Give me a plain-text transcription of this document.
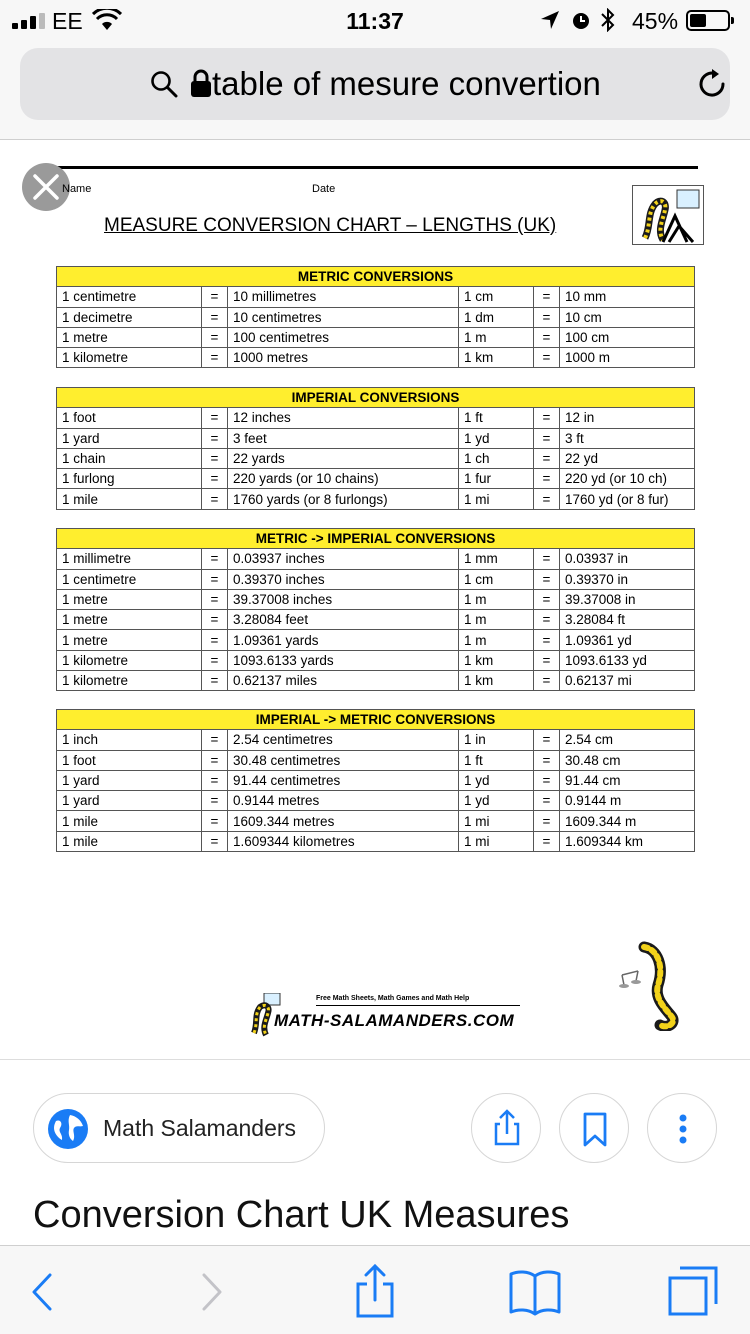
EE	11:37	45%
table of mesure convertion
Name	Date
MEASURE CONVERSION CHART – LENGTHS (UK)
METRIC CONVERSIONS					
1 centimetre	=	10 millimetres	1 cm	=	10 mm
1 decimetre	=	10 centimetres	1 dm	=	10 cm
1 metre	=	100 centimetres	1 m	=	100 cm
1 kilometre	=	1000 metres	1 km	=	1000 m
IMPERIAL CONVERSIONS					
1 foot	=	12 inches	1 ft	=	12 in
1 yard	=	3 feet	1 yd	=	3 ft
1 chain	=	22 yards	1 ch	=	22 yd
1 furlong	=	220 yards (or 10 chains)	1 fur	=	220 yd (or 10 ch)
1 mile	=	1760 yards (or 8 furlongs)	1 mi	=	1760 yd (or 8 fur)
METRIC -> IMPERIAL CONVERSIONS					
1 millimetre	=	0.03937 inches	1 mm	=	0.03937 in
1 centimetre	=	0.39370 inches	1 cm	=	0.39370 in
1 metre	=	39.37008 inches	1 m	=	39.37008 in
1 metre	=	3.28084 feet	1 m	=	3.28084 ft
1 metre	=	1.09361 yards	1 m	=	1.09361 yd
1 kilometre	=	1093.6133 yards	1 km	=	1093.6133 yd
1 kilometre	=	0.62137 miles	1 km	=	0.62137 mi
IMPERIAL -> METRIC CONVERSIONS					
1 inch	=	2.54 centimetres	1 in	=	2.54 cm
1 foot	=	30.48 centimetres	1 ft	=	30.48 cm
1 yard	=	91.44 centimetres	1 yd	=	91.44 cm
1 yard	=	0.9144 metres	1 yd	=	0.9144 m
1 mile	=	1609.344 metres	1 mi	=	1609.344 m
1 mile	=	1.609344 kilometres	1 mi	=	1.609344 km
Free Math Sheets, Math Games and Math Help
MATH-SALAMANDERS.COM
Math Salamanders
Conversion Chart UK Measures
